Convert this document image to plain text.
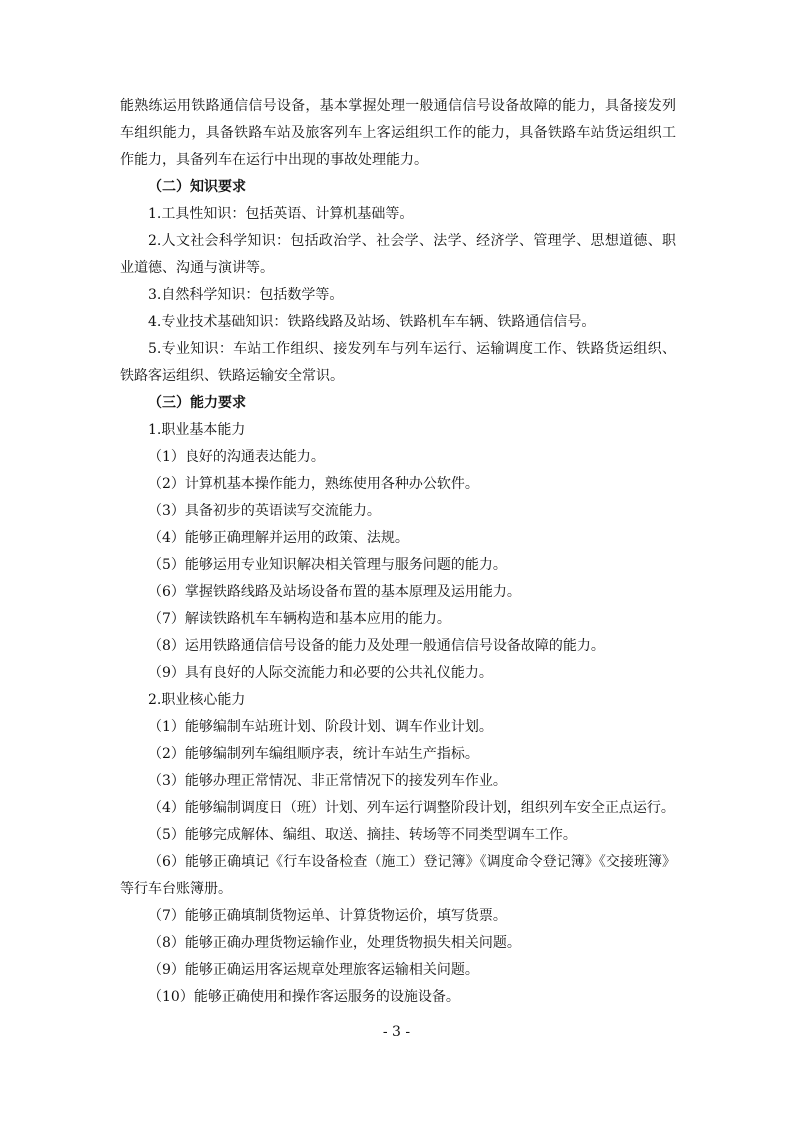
能熟练运用铁路通信信号设备，基本掌握处理一般通信信号设备故障的能力，具备接发列车组织能力，具备铁路车站及旅客列车上客运组织工作的能力，具备铁路车站货运组织工作能力，具备列车在运行中出现的事故处理能力。

（二）知识要求

1.工具性知识：包括英语、计算机基础等。

2.人文社会科学知识：包括政治学、社会学、法学、经济学、管理学、思想道德、职业道德、沟通与演讲等。

3.自然科学知识：包括数学等。

4.专业技术基础知识：铁路线路及站场、铁路机车车辆、铁路通信信号。

5.专业知识：车站工作组织、接发列车与列车运行、运输调度工作、铁路货运组织、铁路客运组织、铁路运输安全常识。

（三）能力要求

1.职业基本能力

（1）良好的沟通表达能力。

（2）计算机基本操作能力，熟练使用各种办公软件。

（3）具备初步的英语读写交流能力。

（4）能够正确理解并运用的政策、法规。

（5）能够运用专业知识解决相关管理与服务问题的能力。

（6）掌握铁路线路及站场设备布置的基本原理及运用能力。

（7）解读铁路机车车辆构造和基本应用的能力。

（8）运用铁路通信信号设备的能力及处理一般通信信号设备故障的能力。

（9）具有良好的人际交流能力和必要的公共礼仪能力。

2.职业核心能力

（1）能够编制车站班计划、阶段计划、调车作业计划。

（2）能够编制列车编组顺序表，统计车站生产指标。

（3）能够办理正常情况、非正常情况下的接发列车作业。

（4）能够编制调度日（班）计划、列车运行调整阶段计划，组织列车安全正点运行。

（5）能够完成解体、编组、取送、摘挂、转场等不同类型调车工作。

（6）能够正确填记《行车设备检查（施工）登记簿》《调度命令登记簿》《交接班簿》等行车台账簿册。

（7）能够正确填制货物运单、计算货物运价，填写货票。

（8）能够正确办理货物运输作业，处理货物损失相关问题。

（9）能够正确运用客运规章处理旅客运输相关问题。

（10）能够正确使用和操作客运服务的设施设备。

- 3 -
